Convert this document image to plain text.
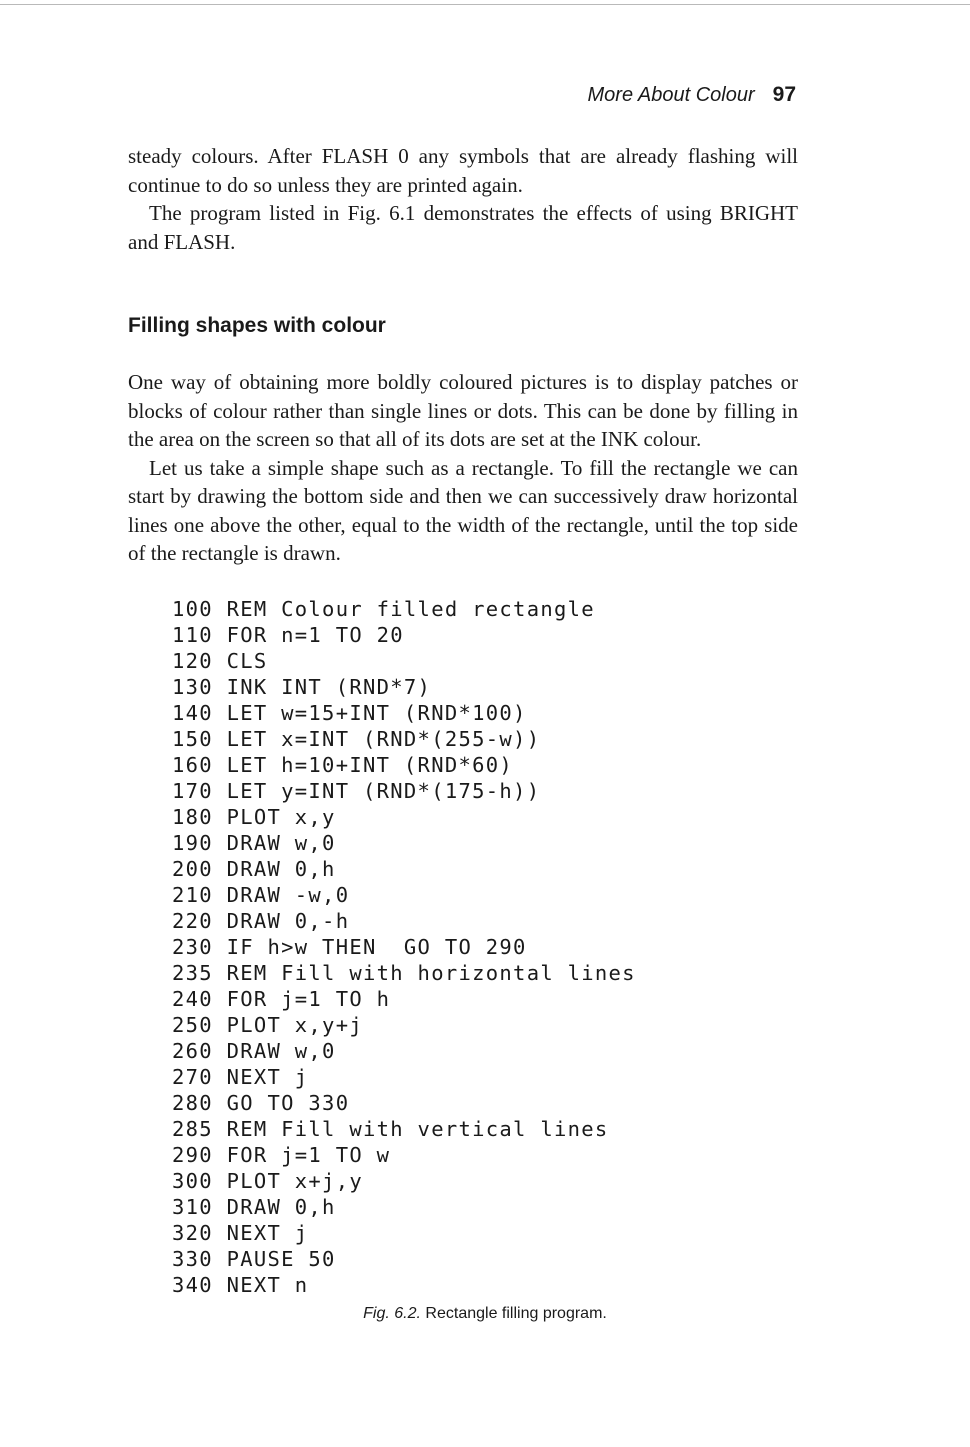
More About Colour 97

steady colours. After FLASH 0 any symbols that are already flashing will continue to do so unless they are printed again.

The program listed in Fig. 6.1 demonstrates the effects of using BRIGHT and FLASH.

Filling shapes with colour

One way of obtaining more boldly coloured pictures is to display patches or blocks of colour rather than single lines or dots. This can be done by filling in the area on the screen so that all of its dots are set at the INK colour.

Let us take a simple shape such as a rectangle. To fill the rectangle we can start by drawing the bottom side and then we can successively draw horizontal lines one above the other, equal to the width of the rectangle, until the top side of the rectangle is drawn.

100 REM Colour filled rectangle
110 FOR n=1 TO 20
120 CLS
130 INK INT (RND*7)
140 LET w=15+INT (RND*100)
150 LET x=INT (RND*(255-w))
160 LET h=10+INT (RND*60)
170 LET y=INT (RND*(175-h))
180 PLOT x,y
190 DRAW w,0
200 DRAW 0,h
210 DRAW -w,0
220 DRAW 0,-h
230 IF h>w THEN  GO TO 290
235 REM Fill with horizontal lines
240 FOR j=1 TO h
250 PLOT x,y+j
260 DRAW w,0
270 NEXT j
280 GO TO 330
285 REM Fill with vertical lines
290 FOR j=1 TO w
300 PLOT x+j,y
310 DRAW 0,h
320 NEXT j
330 PAUSE 50
340 NEXT n
Fig. 6.2. Rectangle filling program.
